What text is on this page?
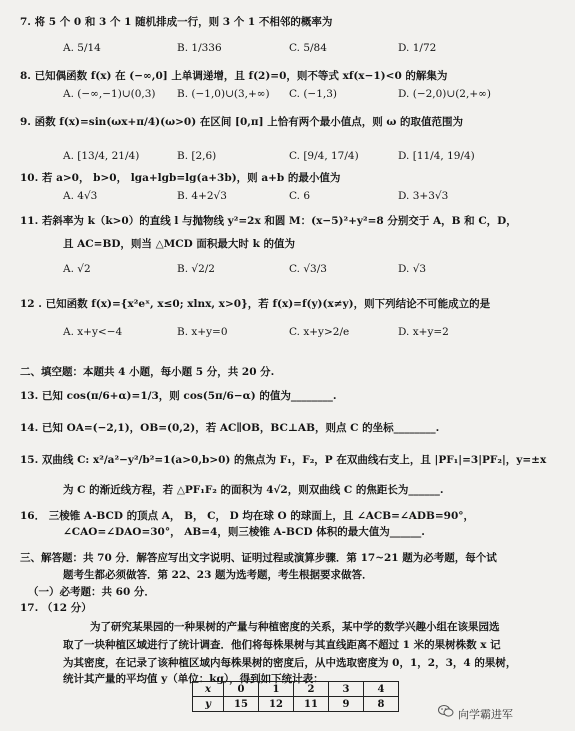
7. 将 5 个 0 和 3 个 1 随机排成一行，则 3 个 1 不相邻的概率为
A. 5/14	B. 1/336	C. 5/84	D. 1/72
8. 已知偶函数 f(x) 在 (−∞,0] 上单调递增，且 f(2)=0，则不等式 xf(x−1)<0 的解集为
A. (−∞,−1)∪(0,3) B. (−1,0)∪(3,+∞) C. (−1,3)	D. (−2,0)∪(2,+∞)
9. 函数 f(x)=sin(ωx+π/4)(ω>0) 在区间 [0,π] 上恰有两个最小值点，则 ω 的取值范围为
A. [13/4, 21/4)	B. [2,6)	C. [9/4, 17/4)	D. [11/4, 19/4)
10. 若 a>0， b>0， lga+lgb=lg(a+3b)，则 a+b 的最小值为
A. 4√3	B. 4+2√3	C. 6	D. 3+3√3
11. 若斜率为 k（k>0）的直线 l 与抛物线 y²=2x 和圆 M：(x−5)²+y²=8 分别交于 A，B 和 C，D，
且 AC=BD，则当 △MCD 面积最大时 k 的值为
A. √2	B. √2/2	C. √3/3	D. √3
12 . 已知函数 f(x)={x²eˣ, x≤0; xlnx, x>0}，若 f(x)=f(y)(x≠y)，则下列结论不可能成立的是
A. x+y<−4	B. x+y=0	C. x+y>2/e	D. x+y=2
二、填空题：本题共 4 小题，每小题 5 分，共 20 分.
13. 已知 cos(π/6+α)=1/3，则 cos(5π/6−α) 的值为________.
14. 已知 OA=(−2,1)，OB=(0,2)，若 AC∥OB，BC⊥AB，则点 C 的坐标________.
15. 双曲线 C: x²/a²−y²/b²=1(a>0,b>0) 的焦点为 F₁，F₂，P 在双曲线右支上，且 |PF₁|=3|PF₂|，y=±x
为 C 的渐近线方程，若 △PF₁F₂ 的面积为 4√2，则双曲线 C 的焦距长为______.
16． 三棱锥 A-BCD 的顶点 A， B， C， D 均在球 O 的球面上，且 ∠ACB=∠ADB=90°，
∠CAO=∠DAO=30°， AB=4，则三棱锥 A-BCD 体积的最大值为______.
三、解答题：共 70 分．解答应写出文字说明、证明过程或演算步骤．第 17~21 题为必考题，每个试
题考生都必须做答．第 22、23 题为选考题，考生根据要求做答．
（一）必考题：共 60 分．
17. （12 分）
为了研究某果园的一种果树的产量与种植密度的关系，某中学的数学兴趣小组在该果园选
取了一块种植区域进行了统计调查．他们将每株果树与其直线距离不超过 1 米的果树株数 x 记
为其密度，在记录了该种植区域内每株果树的密度后，从中选取密度为 0，1，2，3，4 的果树，
统计其产量的平均值 y（单位：kg），得到如下统计表：
x	0	1	2	3	4
y	15	12	11	9	8
向学霸进军
